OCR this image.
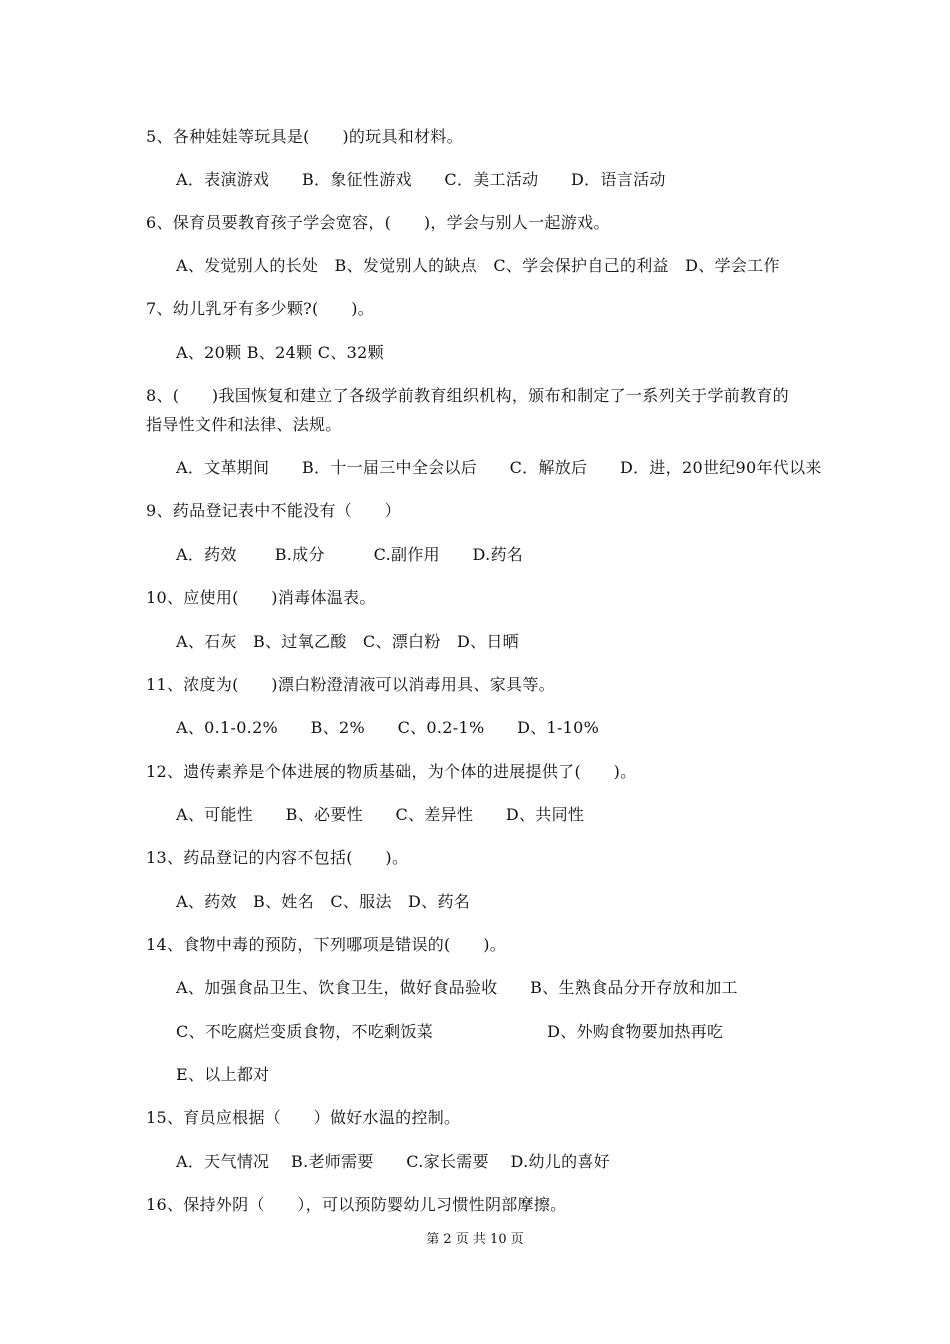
5、各种娃娃等玩具是(　　)的玩具和材料。
A．表演游戏　　B．象征性游戏　　C．美工活动　　D．语言活动
6、保育员要教育孩子学会宽容，(　　)，学会与别人一起游戏。
A、发觉别人的长处　B、发觉别人的缺点　C、学会保护自己的利益　D、学会工作
7、幼儿乳牙有多少颗?(　　)。
A、20颗 B、24颗 C、32颗
8、(　　)我国恢复和建立了各级学前教育组织机构，颁布和制定了一系列关于学前教育的
指导性文件和法律、法规。
A．文革期间　　B．十一届三中全会以后　　C．解放后　　D．进，20世纪90年代以来
9、药品登记表中不能没有（　　）
A．药效　　 B.成分　　　C.副作用　　D.药名
10、应使用(　　)消毒体温表。
A、石灰　B、过氧乙酸　C、漂白粉　D、日晒
11、浓度为(　　)漂白粉澄清液可以消毒用具、家具等。
A、0.1-0.2%　　B、2%　　C、0.2-1%　　D、1-10%
12、遗传素养是个体进展的物质基础，为个体的进展提供了(　　)。
A、可能性　　B、必要性　　C、差异性　　D、共同性
13、药品登记的内容不包括(　　)。
A、药效　B、姓名　C、服法　D、药名
14、食物中毒的预防，下列哪项是错误的(　　)。
A、加强食品卫生、饮食卫生，做好食品验收　　B、生熟食品分开存放和加工
C、不吃腐烂变质食物，不吃剩饭菜　　　　　　　D、外购食物要加热再吃
E、以上都对
15、育员应根据（　　）做好水温的控制。
A．天气情况　 B.老师需要　　C.家长需要　 D.幼儿的喜好
16、保持外阴（　　），可以预防婴幼儿习惯性阴部摩擦。
第 2 页 共 10 页
